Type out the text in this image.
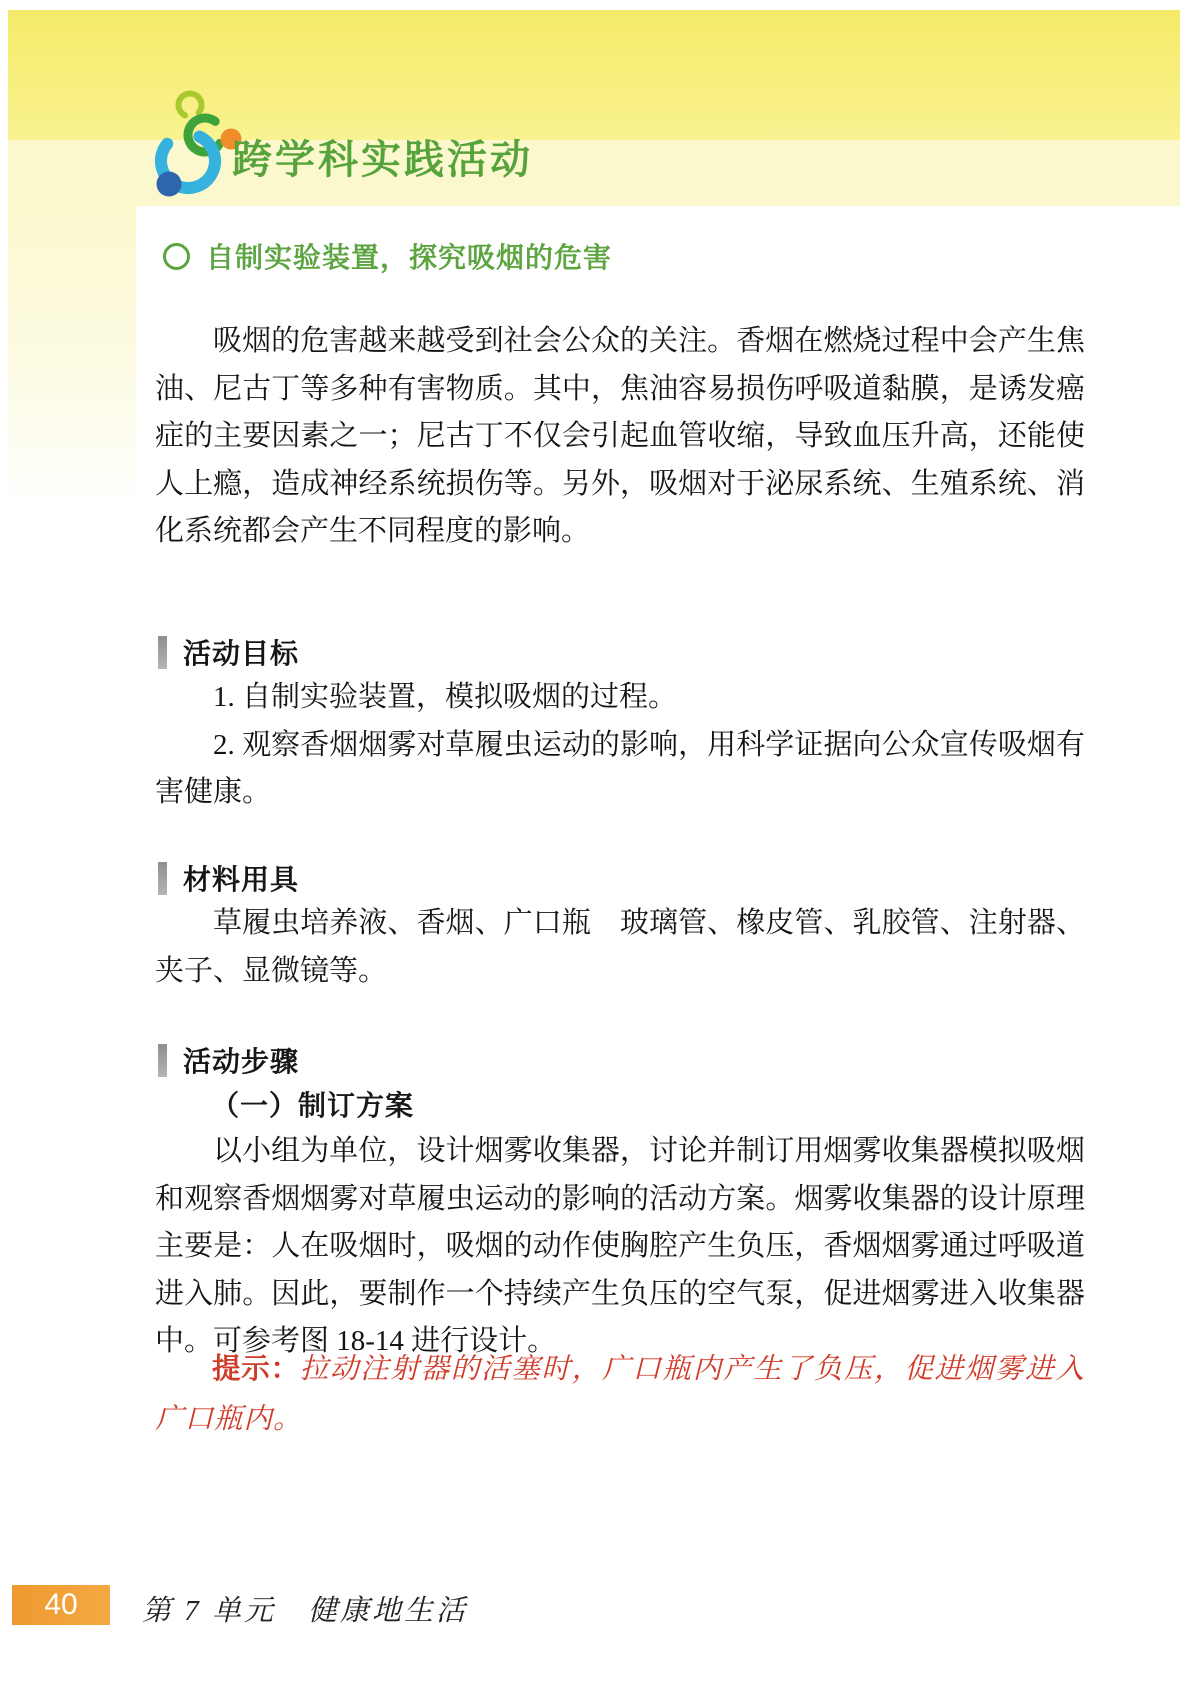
跨学科实践活动
自制实验装置，探究吸烟的危害
吸烟的危害越来越受到社会公众的关注。香烟在燃烧过程中会产生焦油、尼古丁等多种有害物质。其中，焦油容易损伤呼吸道黏膜，是诱发癌症的主要因素之一；尼古丁不仅会引起血管收缩，导致血压升高，还能使人上瘾，造成神经系统损伤等。另外，吸烟对于泌尿系统、生殖系统、消化系统都会产生不同程度的影响。
活动目标

1. 自制实验装置，模拟吸烟的过程。

2. 观察香烟烟雾对草履虫运动的影响，用科学证据向公众宣传吸烟有害健康。

材料用具
草履虫培养液、香烟、广口瓶　玻璃管、橡皮管、乳胶管、注射器、夹子、显微镜等。
活动步骤
（一）制订方案
以小组为单位，设计烟雾收集器，讨论并制订用烟雾收集器模拟吸烟和观察香烟烟雾对草履虫运动的影响的活动方案。烟雾收集器的设计原理主要是：人在吸烟时，吸烟的动作使胸腔产生负压，香烟烟雾通过呼吸道进入肺。因此，要制作一个持续产生负压的空气泵，促进烟雾进入收集器中。可参考图 18-14 进行设计。
提示：拉动注射器的活塞时，广口瓶内产生了负压，促进烟雾进入广口瓶内。
40	第 7 单元　健康地生活
